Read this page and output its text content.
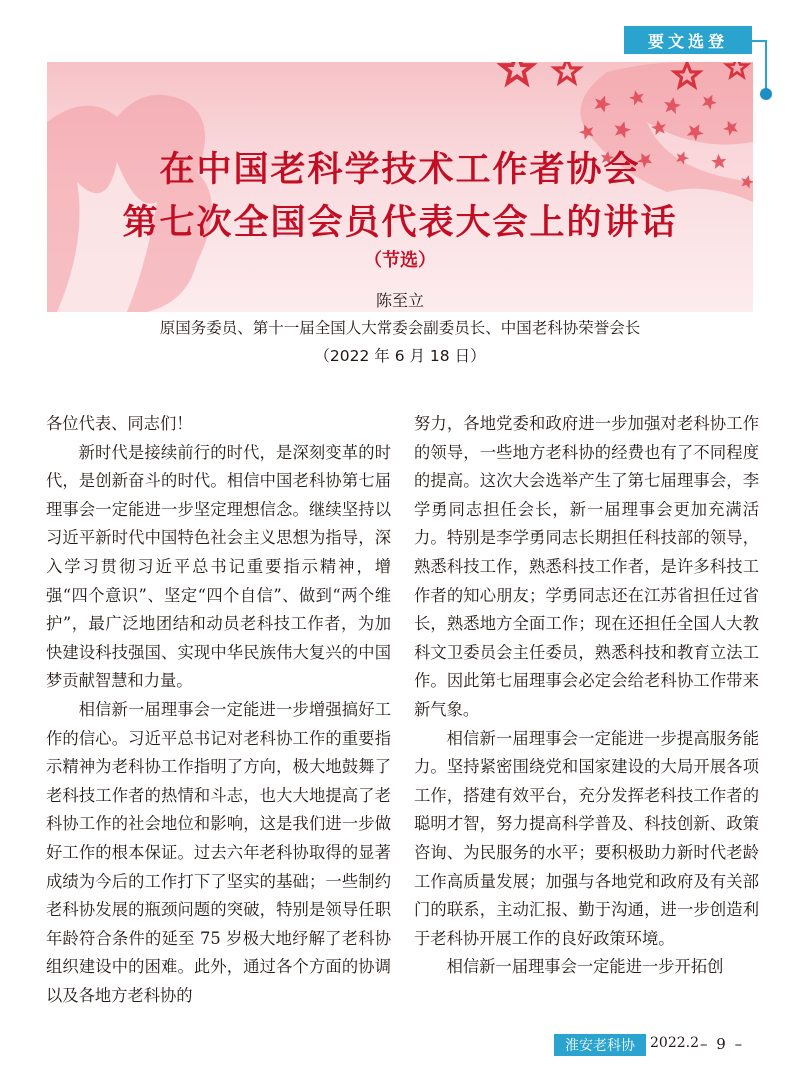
要文选登
在中国老科学技术工作者协会
第七次全国会员代表大会上的讲话
（节选）
陈至立
原国务委员、第十一届全国人大常委会副委员长、中国老科协荣誉会长
（2022 年 6 月 18 日）

各位代表、同志们！

新时代是接续前行的时代，是深刻变革的时代，是创新奋斗的时代。相信中国老科协第七届理事会一定能进一步坚定理想信念。继续坚持以习近平新时代中国特色社会主义思想为指导，深入学习贯彻习近平总书记重要指示精神，增强“四个意识”、坚定“四个自信”、做到“两个维护”，最广泛地团结和动员老科技工作者，为加快建设科技强国、实现中华民族伟大复兴的中国梦贡献智慧和力量。

相信新一届理事会一定能进一步增强搞好工作的信心。习近平总书记对老科协工作的重要指示精神为老科协工作指明了方向，极大地鼓舞了老科技工作者的热情和斗志，也大大地提高了老科协工作的社会地位和影响，这是我们进一步做好工作的根本保证。过去六年老科协取得的显著成绩为今后的工作打下了坚实的基础；一些制约老科协发展的瓶颈问题的突破，特别是领导任职年龄符合条件的延至 75 岁极大地纾解了老科协组织建设中的困难。此外，通过各个方面的协调以及各地方老科协的

努力，各地党委和政府进一步加强对老科协工作的领导，一些地方老科协的经费也有了不同程度的提高。这次大会选举产生了第七届理事会，李学勇同志担任会长，新一届理事会更加充满活力。特别是李学勇同志长期担任科技部的领导，熟悉科技工作，熟悉科技工作者，是许多科技工作者的知心朋友；学勇同志还在江苏省担任过省长，熟悉地方全面工作；现在还担任全国人大教科文卫委员会主任委员，熟悉科技和教育立法工作。因此第七届理事会必定会给老科协工作带来新气象。

相信新一届理事会一定能进一步提高服务能力。坚持紧密围绕党和国家建设的大局开展各项工作，搭建有效平台，充分发挥老科技工作者的聪明才智，努力提高科学普及、科技创新、政策咨询、为民服务的水平；要积极助力新时代老龄工作高质量发展；加强与各地党和政府及有关部门的联系，主动汇报、勤于沟通，进一步创造利于老科协开展工作的良好政策环境。

相信新一届理事会一定能进一步开拓创

淮安老科协	2022.2 – 9 –
